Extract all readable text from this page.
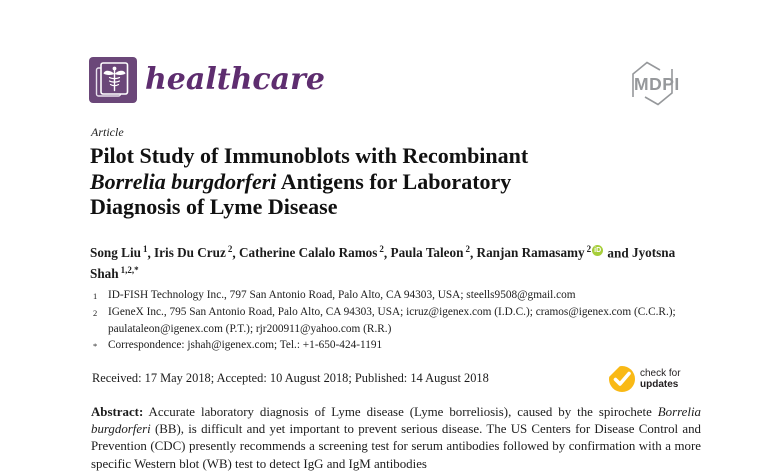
healthcare	MDPI
Article
Pilot Study of Immunoblots with Recombinant
Borrelia burgdorferi Antigens for Laboratory
Diagnosis of Lyme Disease
Song Liu $^1$, Iris Du Cruz $^2$, Catherine Calalo Ramos $^2$, Paula Taleon $^2$, Ranjan Ramasamy $^2$ iD and Jyotsna Shah $^{1,2,*}$
1 ID-FISH Technology Inc., 797 San Antonio Road, Palo Alto, CA 94303, USA; steells9508@gmail.com
2 IGeneX Inc., 795 San Antonio Road, Palo Alto, CA 94303, USA; icruz@igenex.com (I.D.C.); cramos@igenex.com (C.C.R.); paulataleon@igenex.com (P.T.); rjr200911@yahoo.com (R.R.)
* Correspondence: jshah@igenex.com; Tel.: +1-650-424-1191
Received: 17 May 2018; Accepted: 10 August 2018; Published: 14 August 2018	check for
updates
Abstract: Accurate laboratory diagnosis of Lyme disease (Lyme borreliosis), caused by the spirochete Borrelia burgdorferi (BB), is difficult and yet important to prevent serious disease. The US Centers for Disease Control and Prevention (CDC) presently recommends a screening test for serum antibodies followed by confirmation with a more specific Western blot (WB) test to detect IgG and IgM antibodies
